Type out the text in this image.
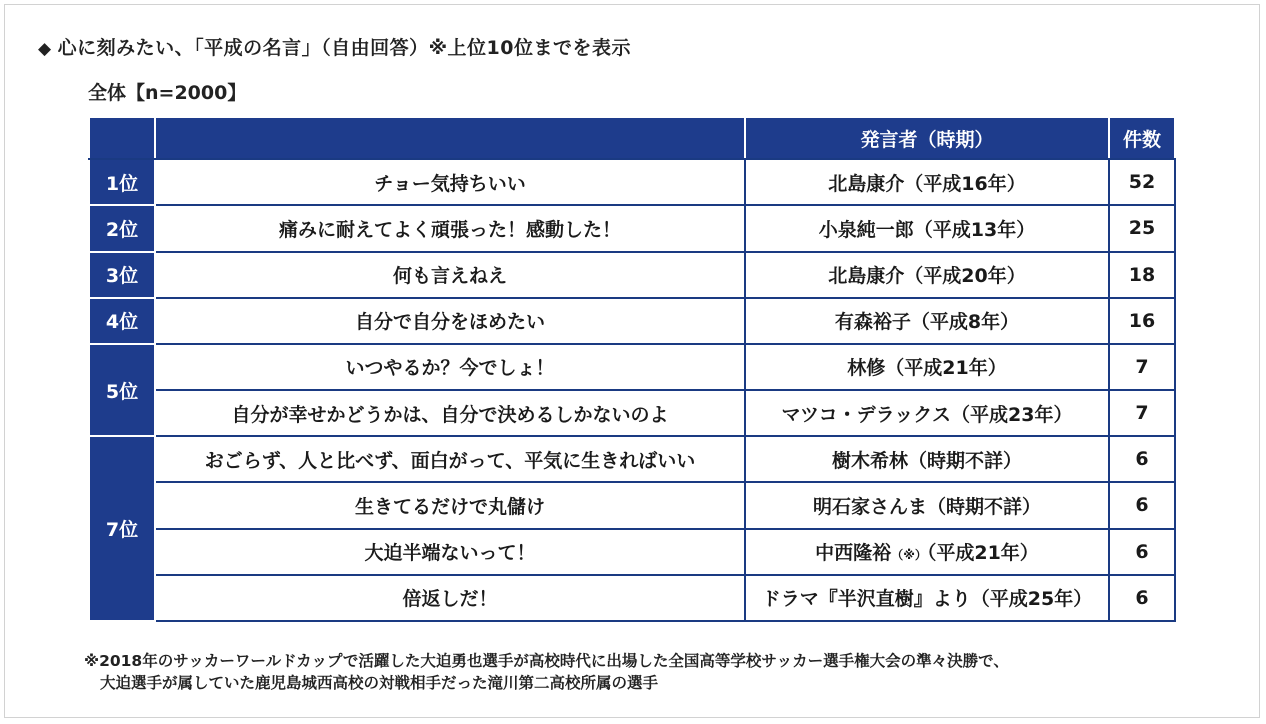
◆ 心に刻みたい、「平成の名言」（自由回答）※上位10位までを表示
全体【n=2000】
		発言者（時期）	件数
1位	チョー気持ちいい	北島康介（平成16年）	52
2位	痛みに耐えてよく頑張った！感動した！	小泉純一郎（平成13年）	25
3位	何も言えねえ	北島康介（平成20年）	18
4位	自分で自分をほめたい	有森裕子（平成8年）	16
5位	いつやるか？今でしょ！	林修（平成21年）	7
	自分が幸せかどうかは、自分で決めるしかないのよ	マツコ・デラックス（平成23年）	7
7位	おごらず、人と比べず、面白がって、平気に生きればいい	樹木希林（時期不詳）	6
	生きてるだけで丸儲け	明石家さんま（時期不詳）	6
	大迫半端ないって！	中西隆裕（※）（平成21年）	6
	倍返しだ！	ドラマ『半沢直樹』より（平成25年）	6
※2018年のサッカーワールドカップで活躍した大迫勇也選手が高校時代に出場した全国高等学校サッカー選手権大会の準々決勝で、
大迫選手が属していた鹿児島城西高校の対戦相手だった滝川第二高校所属の選手
